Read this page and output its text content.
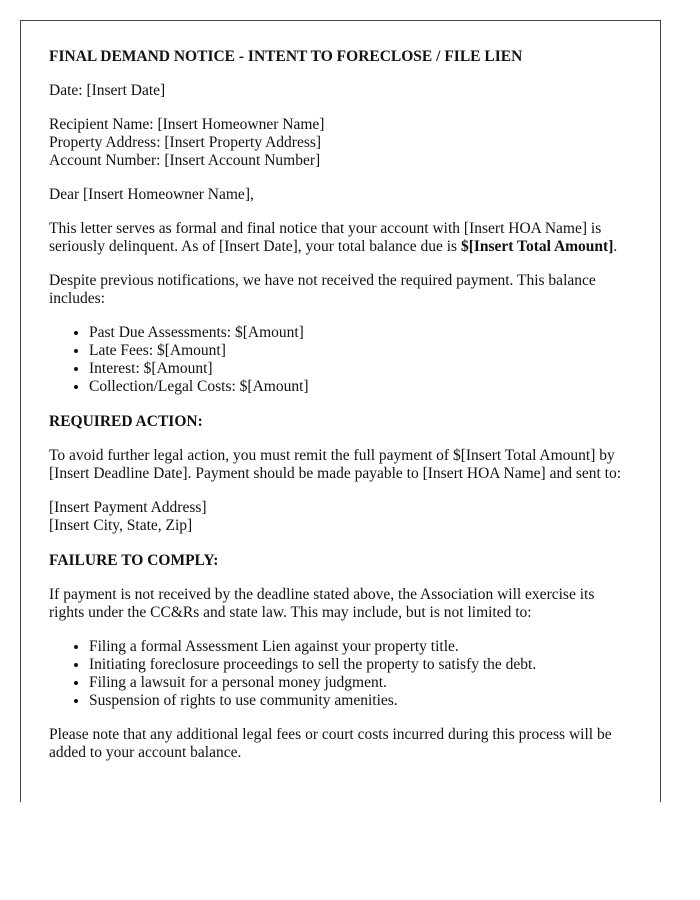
FINAL DEMAND NOTICE - INTENT TO FORECLOSE / FILE LIEN

Date: [Insert Date]

Recipient Name: [Insert Homeowner Name]
Property Address: [Insert Property Address]
Account Number: [Insert Account Number]

Dear [Insert Homeowner Name],

This letter serves as formal and final notice that your account with [Insert HOA Name] is seriously delinquent. As of [Insert Date], your total balance due is $[Insert Total Amount].

Despite previous notifications, we have not received the required payment. This balance includes:

• Past Due Assessments: $[Amount]
• Late Fees: $[Amount]
• Interest: $[Amount]
• Collection/Legal Costs: $[Amount]
REQUIRED ACTION:

To avoid further legal action, you must remit the full payment of $[Insert Total Amount] by [Insert Deadline Date]. Payment should be made payable to [Insert HOA Name] and sent to:

[Insert Payment Address]
[Insert City, State, Zip]

FAILURE TO COMPLY:

If payment is not received by the deadline stated above, the Association will exercise its rights under the CC&Rs and state law. This may include, but is not limited to:

• Filing a formal Assessment Lien against your property title.
• Initiating foreclosure proceedings to sell the property to satisfy the debt.
• Filing a lawsuit for a personal money judgment.
• Suspension of rights to use community amenities.

Please note that any additional legal fees or court costs incurred during this process will be added to your account balance.
